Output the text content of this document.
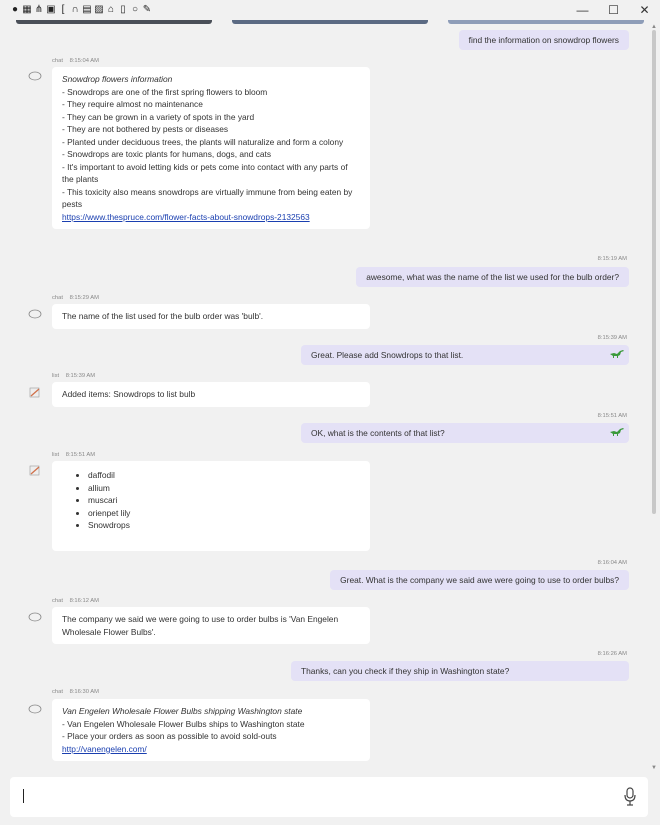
● ▦ ⋔ ▣ [ ∩ ▤ ▨ ⌂ ▯ ○ ✎	—	☐	✕
▲
▼
find the information on snowdrop flowers
chat 8:15:04 AM
Snowdrop flowers information
- Snowdrops are one of the first spring flowers to bloom
- They require almost no maintenance
- They can be grown in a variety of spots in the yard
- They are not bothered by pests or diseases
- Planted under deciduous trees, the plants will naturalize and form a colony
- Snowdrops are toxic plants for humans, dogs, and cats
- It's important to avoid letting kids or pets come into contact with any parts of the plants
- This toxicity also means snowdrops are virtually immune from being eaten by pests
https://www.thespruce.com/flower-facts-about-snowdrops-2132563
8:15:19 AM
awesome, what was the name of the list we used for the bulb order?
chat 8:15:29 AM
The name of the list used for the bulb order was 'bulb'.
8:15:39 AM
Great. Please add Snowdrops to that list.
list 8:15:39 AM
Added items: Snowdrops to list bulb
8:15:51 AM
OK, what is the contents of that list?
list 8:15:51 AM
• daffodil
• allium
• muscari
• orienpet lily
• Snowdrops
8:16:04 AM
Great. What is the company we said awe were going to use to order bulbs?
chat 8:16:12 AM
The company we said we were going to use to order bulbs is 'Van Engelen Wholesale Flower Bulbs'.
8:16:26 AM
Thanks, can you check if they ship in Washington state?
chat 8:16:30 AM
Van Engelen Wholesale Flower Bulbs shipping Washington state
- Van Engelen Wholesale Flower Bulbs ships to Washington state
- Place your orders as soon as possible to avoid sold-outs
http://vanengelen.com/
